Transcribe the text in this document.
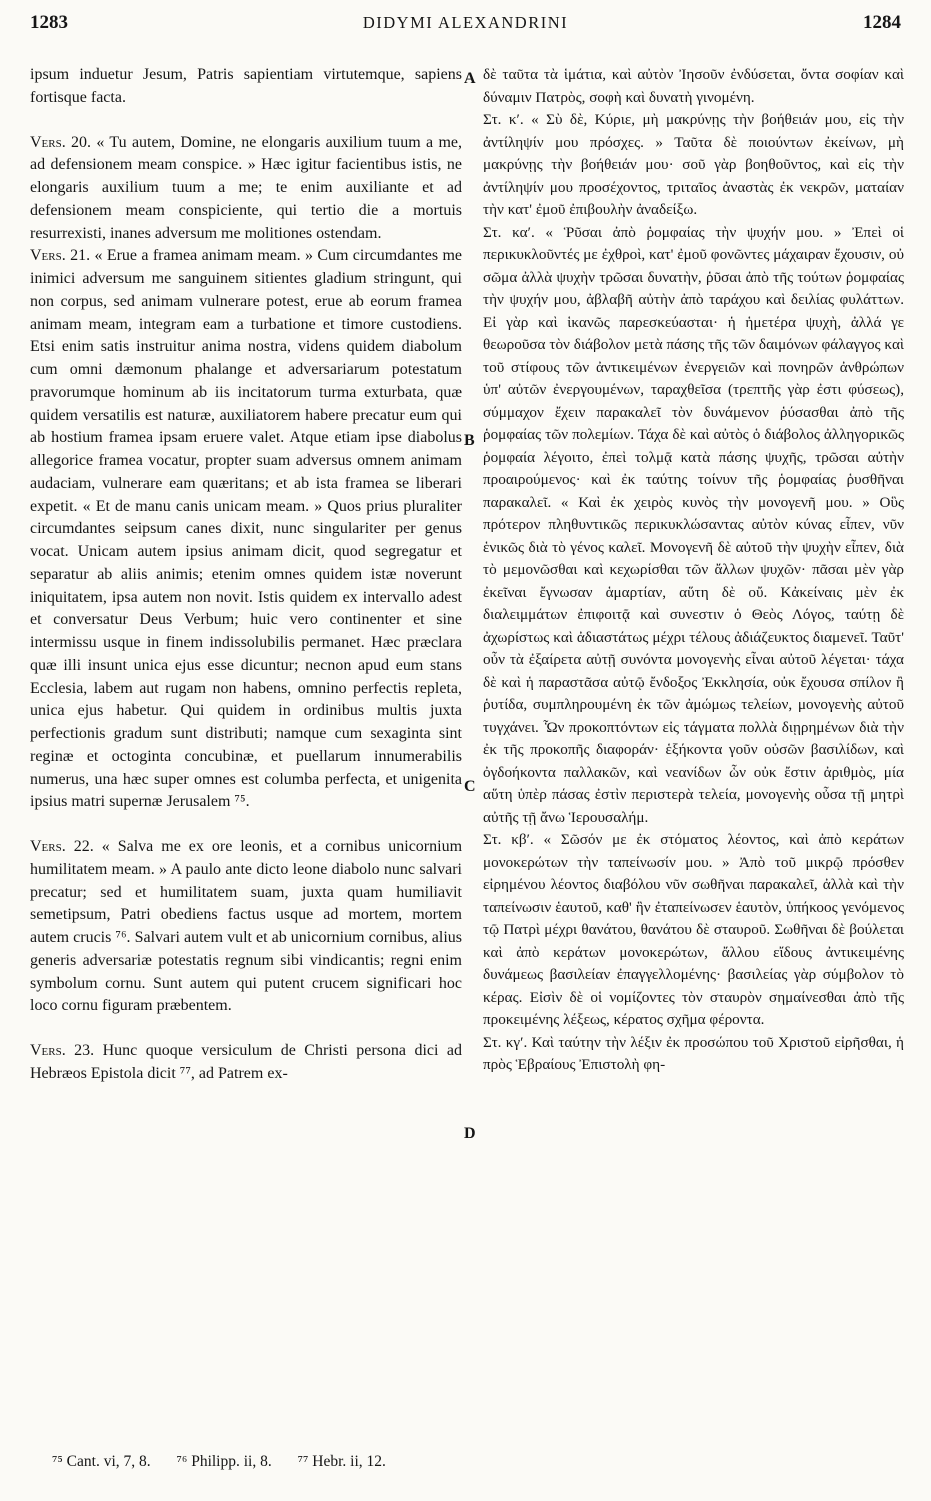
1283	DIDYMI ALEXANDRINI	1284

ipsum induetur Jesum, Patris sapientiam virtutemque, sapiens fortisque facta.

Vers. 20. « Tu autem, Domine, ne elongaris auxilium tuum a me, ad defensionem meam conspice. » Hæc igitur facientibus istis, ne elongaris auxilium tuum a me; te enim auxiliante et ad defensionem meam conspiciente, qui tertio die a mortuis resurrexisti, inanes adversum me molitiones ostendam.

Vers. 21. « Erue a framea animam meam. » Cum circumdantes me inimici adversum me sanguinem sitientes gladium stringunt, qui non corpus, sed animam vulnerare potest, erue ab eorum framea animam meam, integram eam a turbatione et timore custodiens. Etsi enim satis instruitur anima nostra, videns quidem diabolum cum omni dæmonum phalange et adversariarum potestatum pravorumque hominum ab iis incitatorum turma exturbata, quæ quidem versatilis est naturæ, auxiliatorem habere precatur eum qui ab hostium framea ipsam eruere valet. Atque etiam ipse diabolus allegorice framea vocatur, propter suam adversus omnem animam audaciam, vulnerare eam quæritans; et ab ista framea se liberari expetit. « Et de manu canis unicam meam. » Quos prius pluraliter circumdantes seipsum canes dixit, nunc singulariter per genus vocat. Unicam autem ipsius animam dicit, quod segregatur et separatur ab aliis animis; etenim omnes quidem istæ noverunt iniquitatem, ipsa autem non novit. Istis quidem ex intervallo adest et conversatur Deus Verbum; huic vero continenter et sine intermissu usque in finem indissolubilis permanet. Hæc præclara quæ illi insunt unica ejus esse dicuntur; necnon apud eum stans Ecclesia, labem aut rugam non habens, omnino perfectis repleta, unica ejus habetur. Qui quidem in ordinibus multis juxta perfectionis gradum sunt distributi; namque cum sexaginta sint reginæ et octoginta concubinæ, et puellarum innumerabilis numerus, una hæc super omnes est columba perfecta, et unigenita ipsius matri supernæ Jerusalem ⁷⁵.

Vers. 22. « Salva me ex ore leonis, et a cornibus unicornium humilitatem meam. » A paulo ante dicto leone diabolo nunc salvari precatur; sed et humilitatem suam, juxta quam humiliavit semetipsum, Patri obediens factus usque ad mortem, mortem autem crucis ⁷⁶. Salvari autem vult et ab unicornium cornibus, alius generis adversariæ potestatis regnum sibi vindicantis; regni enim symbolum cornu. Sunt autem qui putent crucem significari hoc loco cornu figuram præbentem.

Vers. 23. Hunc quoque versiculum de Christi persona dici ad Hebræos Epistola dicit ⁷⁷, ad Patrem ex-

A
B
C
D

δὲ ταῦτα τὰ ἱμάτια, καὶ αὐτὸν Ἰησοῦν ἐνδύσεται, ὄντα σοφίαν καὶ δύναμιν Πατρὸς, σοφὴ καὶ δυνατὴ γινομένη.

Στ. κʹ. « Σὺ δὲ, Κύριε, μὴ μακρύνῃς τὴν βοήθειάν μου, εἰς τὴν ἀντίληψίν μου πρόσχες. » Ταῦτα δὲ ποιούντων ἐκείνων, μὴ μακρύνῃς τὴν βοήθειάν μου· σοῦ γὰρ βοηθοῦντος, καὶ εἰς τὴν ἀντίληψίν μου προσέχοντος, τριταῖος ἀναστὰς ἐκ νεκρῶν, ματαίαν τὴν κατ' ἐμοῦ ἐπιβουλὴν ἀναδείξω.

Στ. καʹ. « Ῥῦσαι ἀπὸ ῥομφαίας τὴν ψυχήν μου. » Ἐπεὶ οἱ περικυκλοῦντές με ἐχθροὶ, κατ' ἐμοῦ φονῶντες μάχαιραν ἔχουσιν, οὐ σῶμα ἀλλὰ ψυχὴν τρῶσαι δυνατὴν, ῥῦσαι ἀπὸ τῆς τούτων ῥομφαίας τὴν ψυχήν μου, ἀβλαβῆ αὐτὴν ἀπὸ ταράχου καὶ δειλίας φυλάττων. Εἰ γὰρ καὶ ἱκανῶς παρεσκεύασται· ἡ ἡμετέρα ψυχὴ, ἀλλά γε θεωροῦσα τὸν διάβολον μετὰ πάσης τῆς τῶν δαιμόνων φάλαγγος καὶ τοῦ στίφους τῶν ἀντικειμένων ἐνεργειῶν καὶ πονηρῶν ἀνθρώπων ὑπ' αὐτῶν ἐνεργουμένων, ταραχθεῖσα (τρεπτῆς γὰρ ἐστι φύσεως), σύμμαχον ἔχειν παρακαλεῖ τὸν δυνάμενον ῥύσασθαι ἀπὸ τῆς ῥομφαίας τῶν πολεμίων. Τάχα δὲ καὶ αὐτὸς ὁ διάβολος ἀλληγορικῶς ῥομφαία λέγοιτο, ἐπεὶ τολμᾷ κατὰ πάσης ψυχῆς, τρῶσαι αὐτὴν προαιρούμενος· καὶ ἐκ ταύτης τοίνυν τῆς ῥομφαίας ῥυσθῆναι παρακαλεῖ. « Καὶ ἐκ χειρὸς κυνὸς τὴν μονογενῆ μου. » Οὓς πρότερον πληθυντικῶς περικυκλώσαντας αὐτὸν κύνας εἶπεν, νῦν ἑνικῶς διὰ τὸ γένος καλεῖ. Μονογενῆ δὲ αὐτοῦ τὴν ψυχὴν εἶπεν, διὰ τὸ μεμονῶσθαι καὶ κεχωρίσθαι τῶν ἄλλων ψυχῶν· πᾶσαι μὲν γὰρ ἐκεῖναι ἔγνωσαν ἁμαρτίαν, αὕτη δὲ οὔ. Κἀκείναις μὲν ἐκ διαλειμμάτων ἐπιφοιτᾷ καὶ συνεστιν ὁ Θεὸς Λόγος, ταύτῃ δὲ ἀχωρίστως καὶ ἀδιαστάτως μέχρι τέλους ἀδιάζευκτος διαμενεῖ. Ταῦτ' οὖν τὰ ἐξαίρετα αὐτῇ συνόντα μονογενὴς εἶναι αὐτοῦ λέγεται· τάχα δὲ καὶ ἡ παραστᾶσα αὐτῷ ἔνδοξος Ἐκκλησία, οὐκ ἔχουσα σπίλον ἢ ῥυτίδα, συμπληρουμένη ἐκ τῶν ἀμώμως τελείων, μονογενὴς αὐτοῦ τυγχάνει. Ὧν προκοπτόντων εἰς τάγματα πολλὰ διῃρημένων διὰ τὴν ἐκ τῆς προκοπῆς διαφοράν· ἑξήκοντα γοῦν οὐσῶν βασιλίδων, καὶ ὀγδοήκοντα παλλακῶν, καὶ νεανίδων ὧν οὐκ ἔστιν ἀριθμὸς, μία αὕτη ὑπὲρ πάσας ἐστὶν περιστερὰ τελεία, μονογενὴς οὖσα τῇ μητρὶ αὐτῆς τῇ ἄνω Ἱερουσαλήμ.

Στ. κβʹ. « Σῶσόν με ἐκ στόματος λέοντος, καὶ ἀπὸ κεράτων μονοκερώτων τὴν ταπείνωσίν μου. » Ἀπὸ τοῦ μικρῷ πρόσθεν εἰρημένου λέοντος διαβόλου νῦν σωθῆναι παρακαλεῖ, ἀλλὰ καὶ τὴν ταπείνωσιν ἑαυτοῦ, καθ' ἣν ἐταπείνωσεν ἑαυτὸν, ὑπήκοος γενόμενος τῷ Πατρὶ μέχρι θανάτου, θανάτου δὲ σταυροῦ. Σωθῆναι δὲ βούλεται καὶ ἀπὸ κεράτων μονοκερώτων, ἄλλου εἴδους ἀντικειμένης δυνάμεως βασιλείαν ἐπαγγελλομένης· βασιλείας γὰρ σύμβολον τὸ κέρας. Εἰσὶν δὲ οἱ νομίζοντες τὸν σταυρὸν σημαίνεσθαι ἀπὸ τῆς προκειμένης λέξεως, κέρατος σχῆμα φέροντα.

Στ. κγʹ. Καὶ ταύτην τὴν λέξιν ἐκ προσώπου τοῦ Χριστοῦ εἰρῆσθαι, ἡ πρὸς Ἑβραίους Ἐπιστολὴ φη-

⁷⁵ Cant. vi, 7, 8. ⁷⁶ Philipp. ii, 8. ⁷⁷ Hebr. ii, 12.
